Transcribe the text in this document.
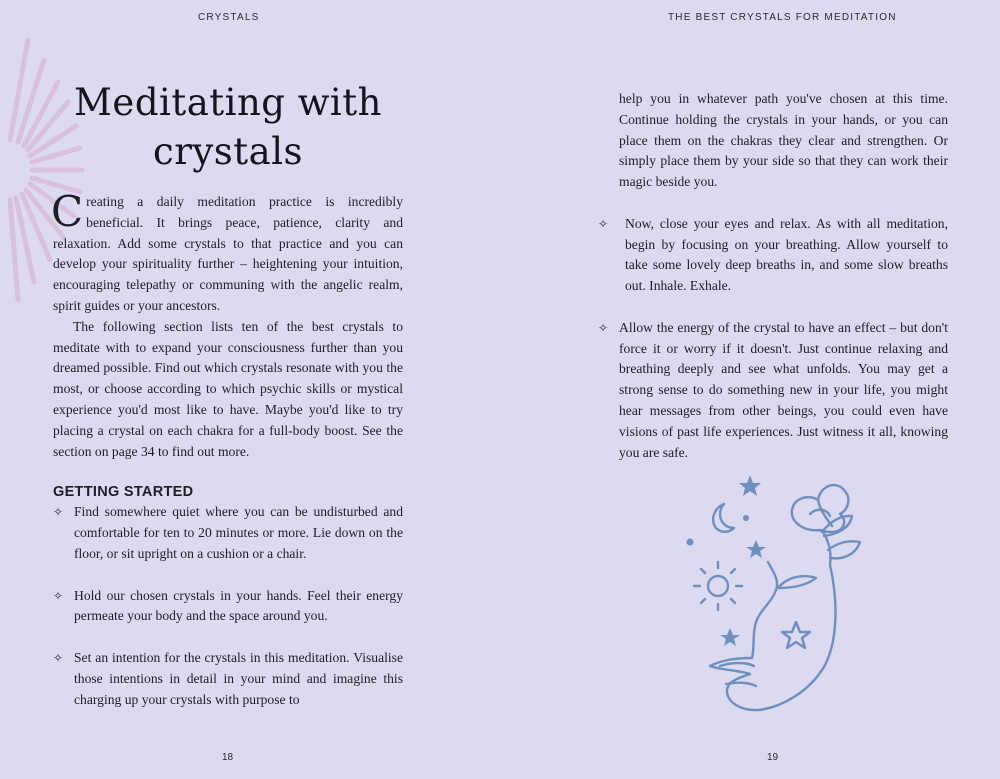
CRYSTALS
Meditating with
crystals

Creating a daily meditation practice is incredibly beneficial. It brings peace, patience, clarity and relaxation. Add some crystals to that practice and you can develop your spirituality further – heightening your intuition, encouraging telepathy or communing with the angelic realm, spirit guides or your ancestors.

The following section lists ten of the best crystals to meditate with to expand your consciousness further than you dreamed possible. Find out which crystals resonate with you the most, or choose according to which psychic skills or mystical experience you'd most like to have. Maybe you'd like to try placing a crystal on each chakra for a full-body boost. See the section on page 34 to find out more.

GETTING STARTED
✧ Find somewhere quiet where you can be undisturbed and comfortable for ten to 20 minutes or more. Lie down on the floor, or sit upright on a cushion or a chair.

✧ Hold our chosen crystals in your hands. Feel their energy permeate your body and the space around you.

✧ Set an intention for the crystals in this meditation. Visualise those intentions in detail in your mind and imagine this charging up your crystals with purpose to

18
THE BEST CRYSTALS FOR MEDITATION

help you in whatever path you've chosen at this time. Continue holding the crystals in your hands, or you can place them on the chakras they clear and strengthen. Or simply place them by your side so that they can work their magic beside you.

✧ Now, close your eyes and relax. As with all meditation, begin by focusing on your breathing. Allow yourself to take some lovely deep breaths in, and some slow breaths out. Inhale. Exhale.

✧ Allow the energy of the crystal to have an effect – but don't force it or worry if it doesn't. Just continue relaxing and breathing deeply and see what unfolds. You may get a strong sense to do something new in your life, you might hear messages from other beings, you could even have visions of past life experiences. Just witness it all, knowing you are safe.

19
